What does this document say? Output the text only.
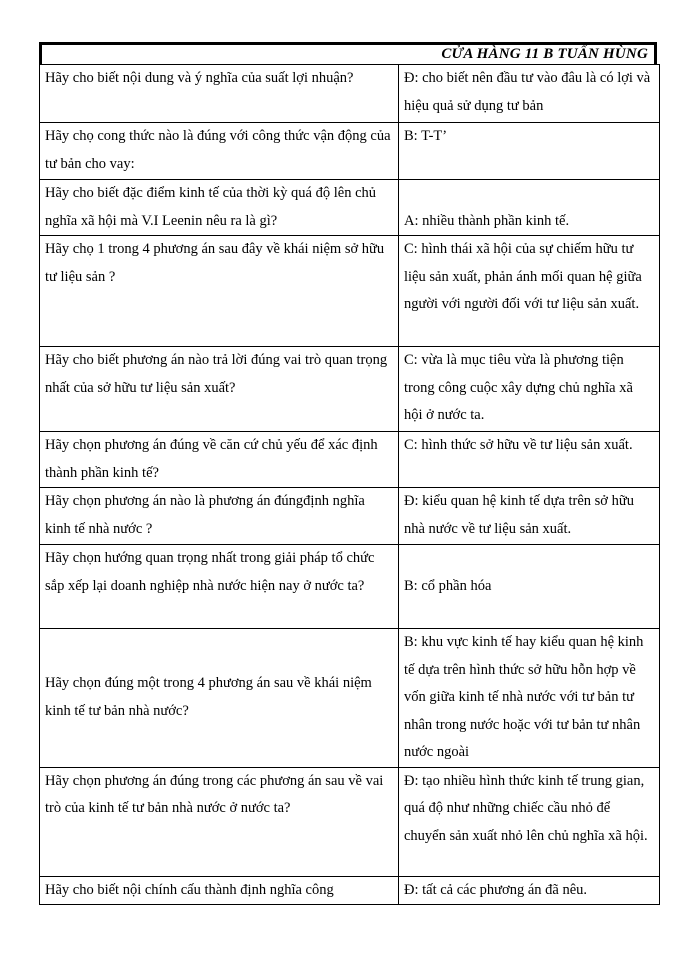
CỬA HÀNG 11 B TUẤN HÙNG
Hãy cho biết nội dung và ý nghĩa của suất lợi nhuận?	Đ: cho biết nên đầu tư vào đâu là có lợi và hiệu quả sử dụng tư bản
Hãy chọ cong thức nào là đúng với công thức vận động của tư bản cho vay:	B: T-T’
Hãy cho biết đặc điểm kinh tế của thời kỳ quá độ lên chủ nghĩa xã hội mà V.I Leenin nêu ra là gì?	A: nhiều thành phần kinh tế.
Hãy chọ 1 trong 4 phương án sau đây về khái niệm sở hữu tư liệu sản ?	C: hình thái xã hội của sự chiếm hữu tư liệu sản xuất, phản ánh mối quan hệ giữa người với người đối với tư liệu sản xuất.
Hãy cho biết phương án nào trả lời đúng vai trò quan trọng nhất của sở hữu tư liệu sản xuất?	C: vừa là mục tiêu vừa là phương tiện trong công cuộc xây dựng chủ nghĩa xã hội ở nước ta.
Hãy chọn phương án đúng về căn cứ chủ yếu để xác định thành phần kinh tế?	C: hình thức sở hữu về tư liệu sản xuất.
Hãy chọn phương án nào là phương án đúngđịnh nghĩa kinh tế nhà nước ?	Đ: kiểu quan hệ kinh tế dựa trên sở hữu nhà nước về tư liệu sản xuất.
Hãy chọn hướng quan trọng nhất trong giải pháp tổ chức sắp xếp lại doanh nghiệp nhà nước hiện nay ở nước ta?	B: cổ phần hóa
Hãy chọn đúng một trong 4 phương án sau về khái niệm kinh tế tư bản nhà nước?	B: khu vực kinh tế hay kiểu quan hệ kinh tế dựa trên hình thức sở hữu hỗn hợp về vốn giữa kinh tế nhà nước với tư bản tư nhân trong nước hoặc với tư bản tư nhân nước ngoài
Hãy chọn phương án đúng trong các phương án sau về vai trò của kinh tế tư bản nhà nước ở nước ta?	Đ: tạo nhiều hình thức kinh tế trung gian, quá độ như những chiếc cầu nhỏ để chuyển sản xuất nhỏ lên chủ nghĩa xã hội.
Hãy cho biết nội chính cấu thành định nghĩa công	Đ: tất cả các phương án đã nêu.
